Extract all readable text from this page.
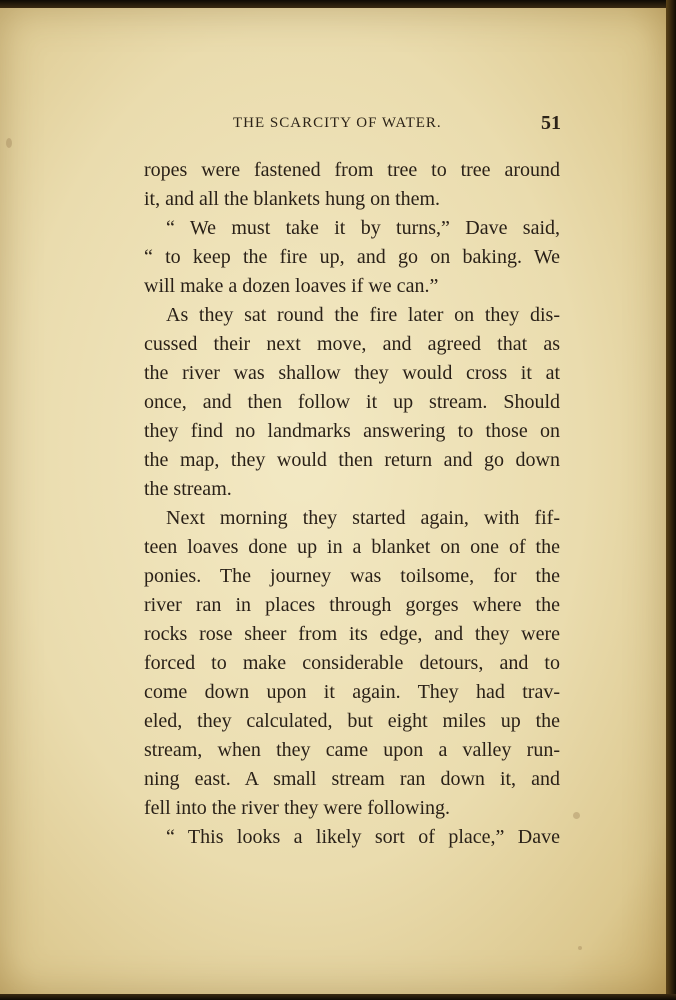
THE SCARCITY OF WATER.	51
ropes were fastened from tree to tree around
it, and all the blankets hung on them.
“ We must take it by turns,” Dave said,
“ to keep the fire up, and go on baking. We
will make a dozen loaves if we can.”
As they sat round the fire later on they dis-
cussed their next move, and agreed that as
the river was shallow they would cross it at
once, and then follow it up stream. Should
they find no landmarks answering to those on
the map, they would then return and go down
the stream.
Next morning they started again, with fif-
teen loaves done up in a blanket on one of the
ponies. The journey was toilsome, for the
river ran in places through gorges where the
rocks rose sheer from its edge, and they were
forced to make considerable detours, and to
come down upon it again. They had trav-
eled, they calculated, but eight miles up the
stream, when they came upon a valley run-
ning east. A small stream ran down it, and
fell into the river they were following.
“ This looks a likely sort of place,” Dave
